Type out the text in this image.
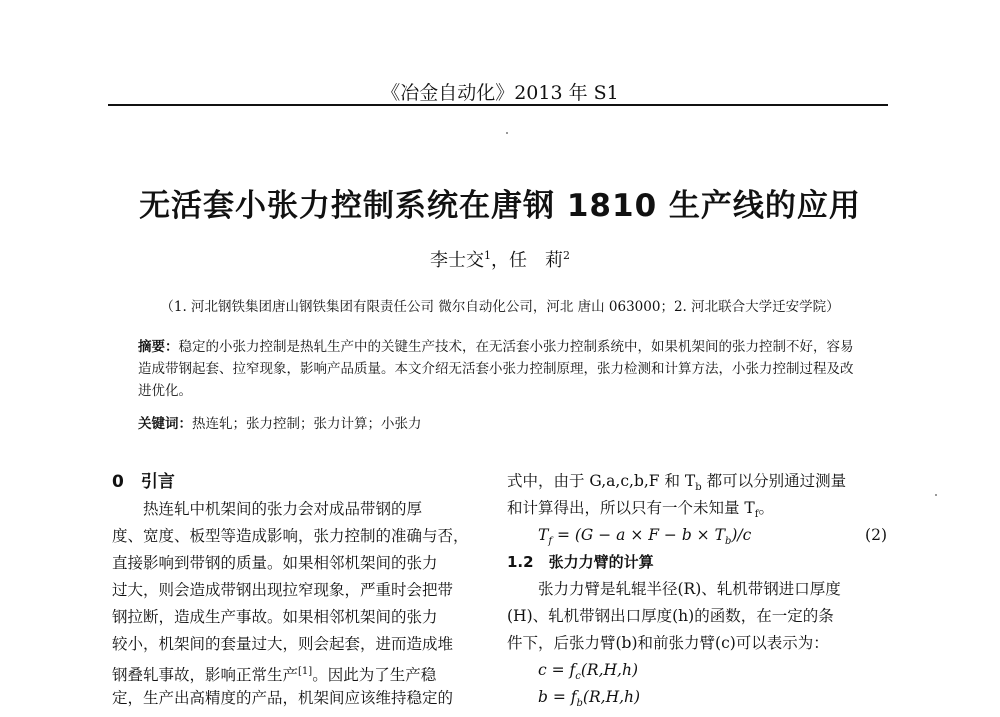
《冶金自动化》2013 年 S1
无活套小张力控制系统在唐钢 1810 生产线的应用
李士交$^1$，任　莉$^2$
（1. 河北钢铁集团唐山钢铁集团有限责任公司 微尔自动化公司，河北 唐山 063000；2. 河北联合大学迁安学院）
摘要：稳定的小张力控制是热轧生产中的关键生产技术，在无活套小张力控制系统中，如果机架间的张力控制不好，容易造成带钢起套、拉窄现象，影响产品质量。本文介绍无活套小张力控制原理，张力检测和计算方法，小张力控制过程及改进优化。
关键词：热连轧；张力控制；张力计算；小张力
0　引言
热连轧中机架间的张力会对成品带钢的厚
度、宽度、板型等造成影响，张力控制的准确与否，
直接影响到带钢的质量。如果相邻机架间的张力
过大，则会造成带钢出现拉窄现象，严重时会把带
钢拉断，造成生产事故。如果相邻机架间的张力
较小，机架间的套量过大，则会起套，进而造成堆
钢叠轧事故，影响正常生产[1]。因此为了生产稳
定，生产出高精度的产品，机架间应该维持稳定的
式中，由于 G,a,c,b,F 和 $T_b$ 都可以分别通过测量
和计算得出，所以只有一个未知量 $T_f$。
$T_f = (G - a \times F - b \times T_b)/c$	(2)
1.2　张力力臂的计算
张力力臂是轧辊半径(R)、轧机带钢进口厚度
(H)、轧机带钢出口厚度(h)的函数，在一定的条
件下，后张力臂(b)和前张力臂(c)可以表示为：
$c = f_c(R,H,h)$
$b = f_b(R,H,h)$
